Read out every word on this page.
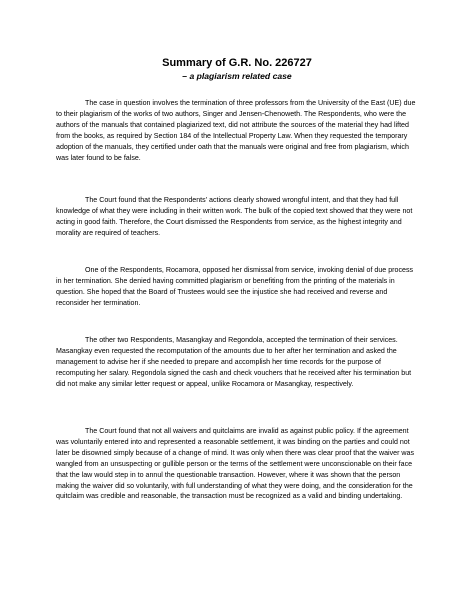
Summary of G.R. No. 226727
– a plagiarism related case

The case in question involves the termination of three professors from the University of the East (UE) due to their plagiarism of the works of two authors, Singer and Jensen-Chenoweth. The Respondents, who were the authors of the manuals that contained plagiarized text, did not attribute the sources of the material they had lifted from the books, as required by Section 184 of the Intellectual Property Law. When they requested the temporary adoption of the manuals, they certified under oath that the manuals were original and free from plagiarism, which was later found to be false.

The Court found that the Respondents' actions clearly showed wrongful intent, and that they had full knowledge of what they were including in their written work. The bulk of the copied text showed that they were not acting in good faith. Therefore, the Court dismissed the Respondents from service, as the highest integrity and morality are required of teachers.

One of the Respondents, Rocamora, opposed her dismissal from service, invoking denial of due process in her termination. She denied having committed plagiarism or benefiting from the printing of the materials in question. She hoped that the Board of Trustees would see the injustice she had received and reverse and reconsider her termination.

The other two Respondents, Masangkay and Regondola, accepted the termination of their services. Masangkay even requested the recomputation of the amounts due to her after her termination and asked the management to advise her if she needed to prepare and accomplish her time records for the purpose of recomputing her salary. Regondola signed the cash and check vouchers that he received after his termination but did not make any similar letter request or appeal, unlike Rocamora or Masangkay, respectively.

The Court found that not all waivers and quitclaims are invalid as against public policy. If the agreement was voluntarily entered into and represented a reasonable settlement, it was binding on the parties and could not later be disowned simply because of a change of mind. It was only when there was clear proof that the waiver was wangled from an unsuspecting or gullible person or the terms of the settlement were unconscionable on their face that the law would step in to annul the questionable transaction. However, where it was shown that the person making the waiver did so voluntarily, with full understanding of what they were doing, and the consideration for the quitclaim was credible and reasonable, the transaction must be recognized as a valid and binding undertaking.
